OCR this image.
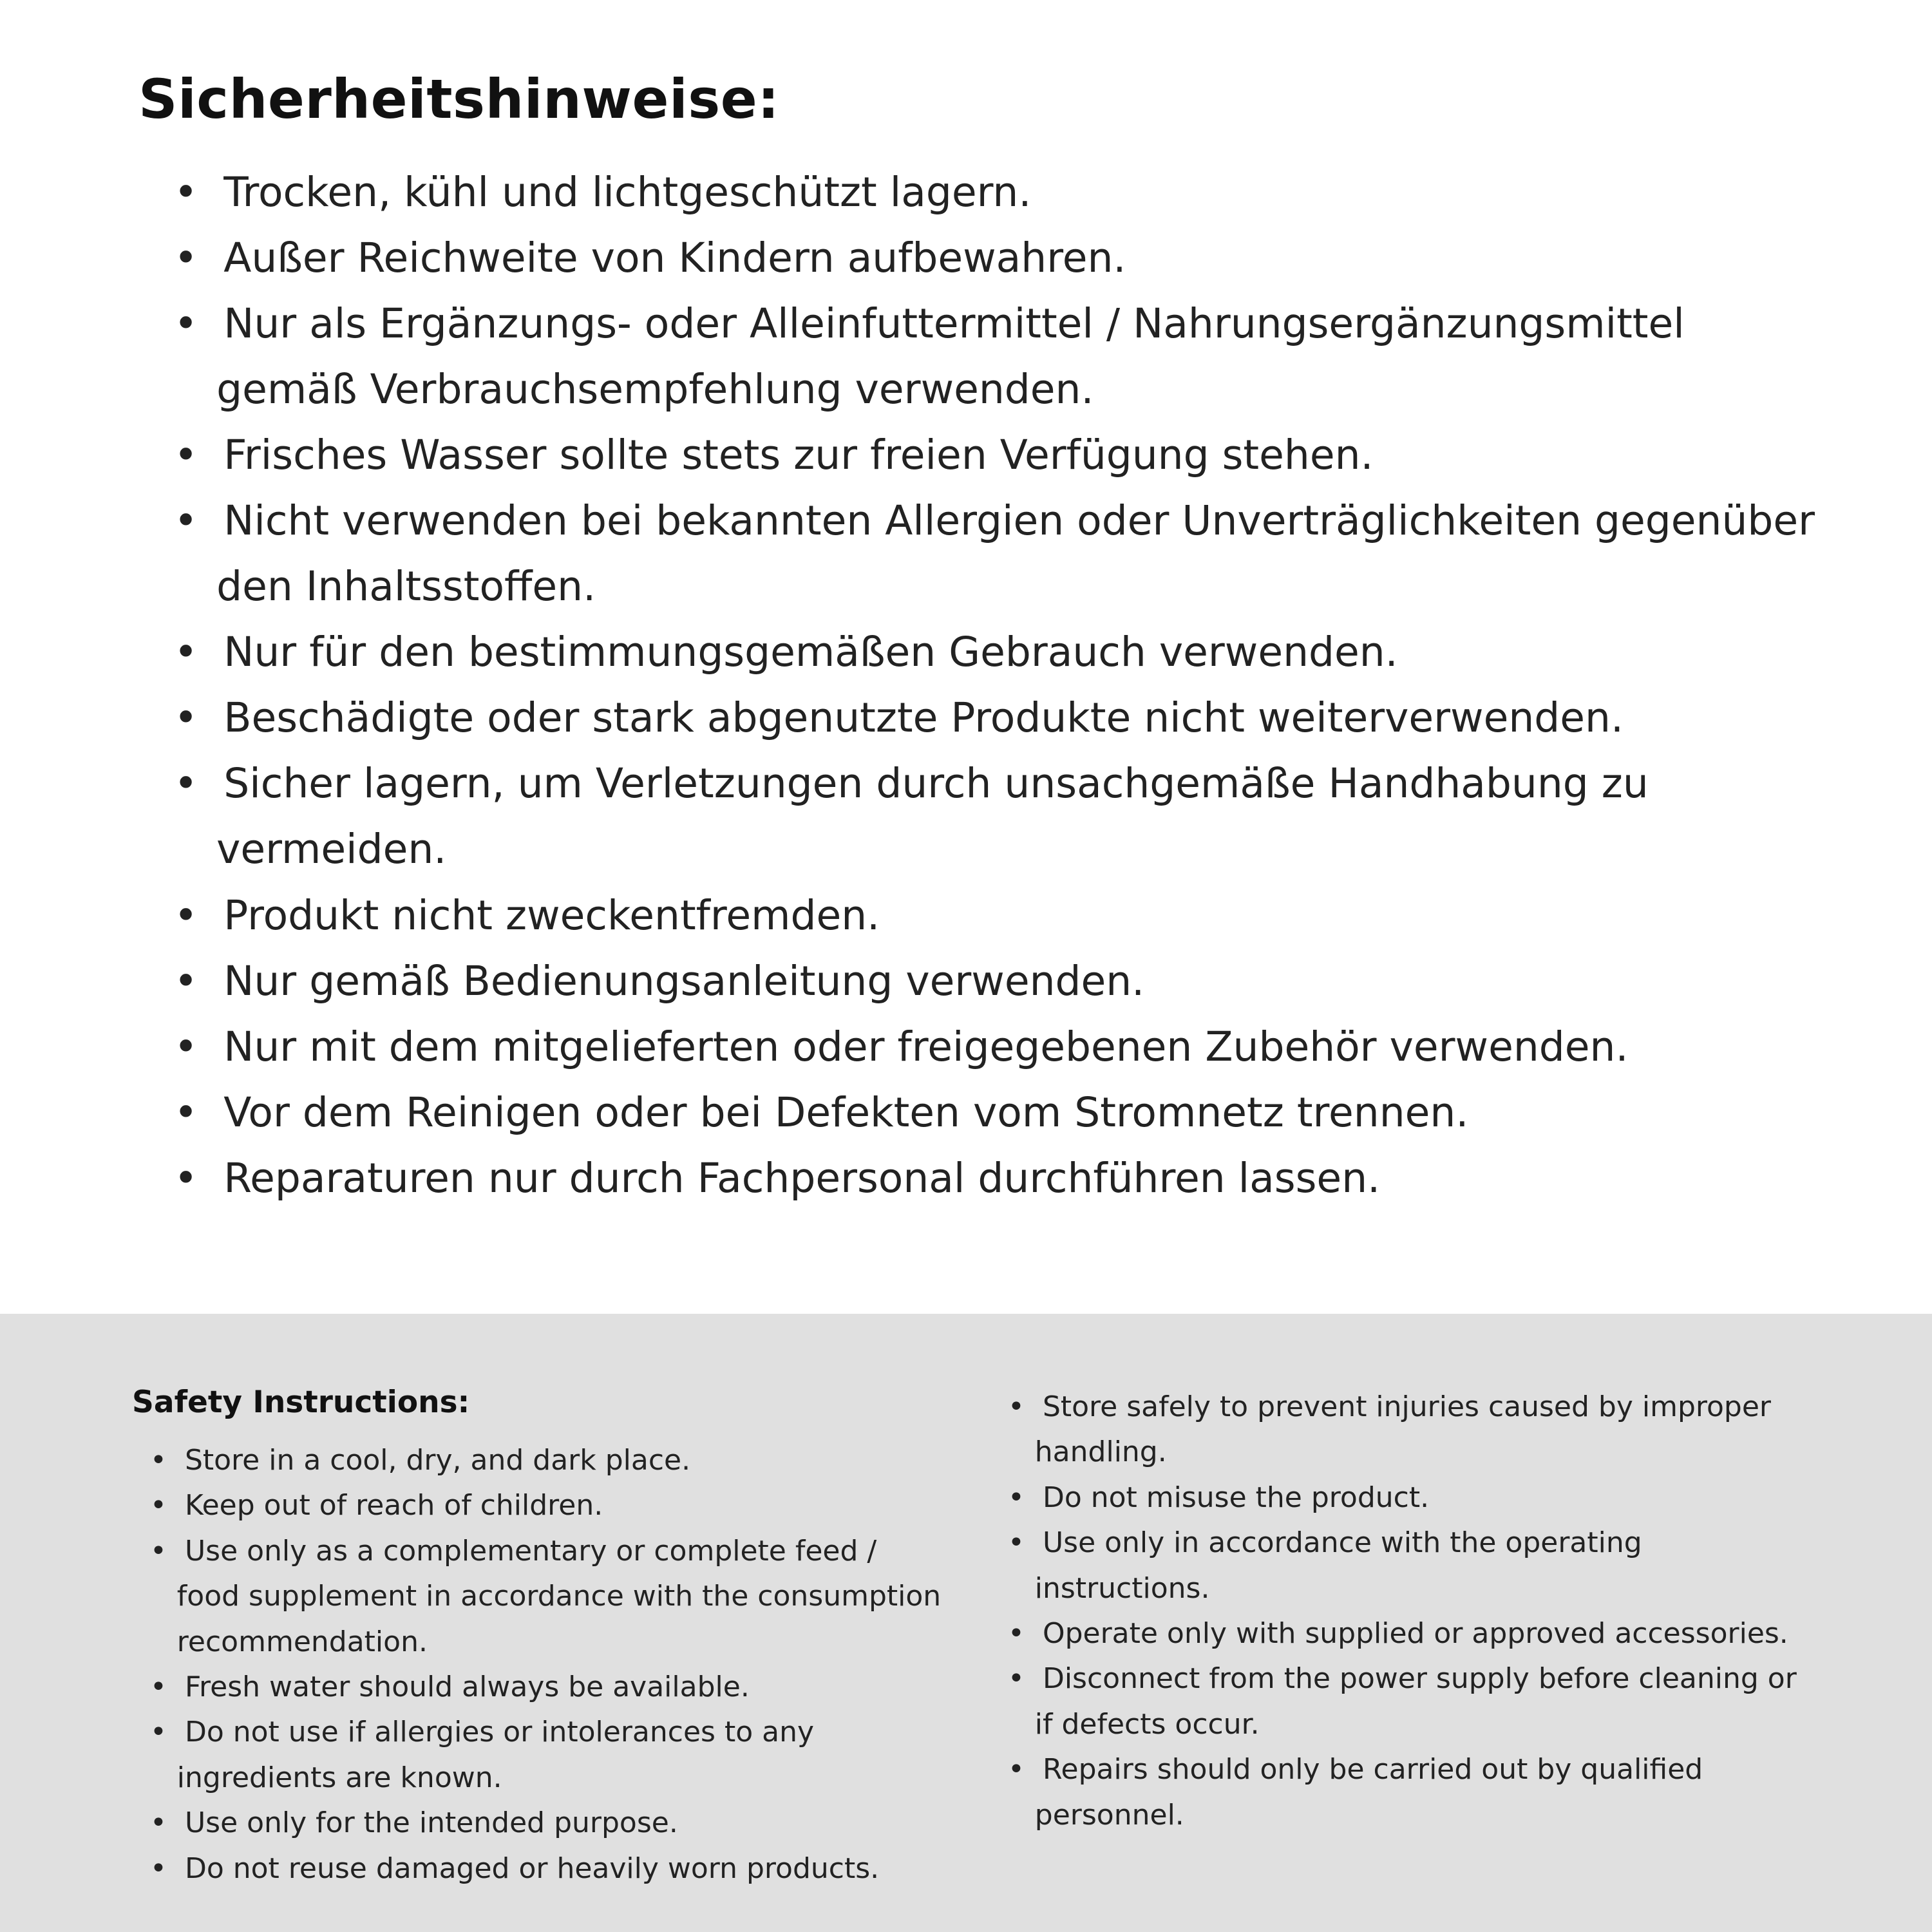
Sicherheitshinweise:
•  Trocken, kühl und lichtgeschützt lagern.
•  Außer Reichweite von Kindern aufbewahren.
•  Nur als Ergänzungs- oder Alleinfuttermittel / Nahrungsergänzungsmittel gemäß Verbrauchsempfehlung verwenden.
•  Frisches Wasser sollte stets zur freien Verfügung stehen.
•  Nicht verwenden bei bekannten Allergien oder Unverträglichkeiten gegenüber den Inhaltsstoffen.
•  Nur für den bestimmungsgemäßen Gebrauch verwenden.
•  Beschädigte oder stark abgenutzte Produkte nicht weiterverwenden.
•  Sicher lagern, um Verletzungen durch unsachgemäße Handhabung zu vermeiden.
•  Produkt nicht zweckentfremden.
•  Nur gemäß Bedienungsanleitung verwenden.
•  Nur mit dem mitgelieferten oder freigegebenen Zubehör verwenden.
•  Vor dem Reinigen oder bei Defekten vom Stromnetz trennen.
•  Reparaturen nur durch Fachpersonal durchführen lassen.
Safety Instructions:
•  Store in a cool, dry, and dark place.
•  Keep out of reach of children.
•  Use only as a complementary or complete feed / food supplement in accordance with the consumption recommendation.
•  Fresh water should always be available.
•  Do not use if allergies or intolerances to any ingredients are known.
•  Use only for the intended purpose.
•  Do not reuse damaged or heavily worn products.
•  Store safely to prevent injuries caused by improper handling.
•  Do not misuse the product.
•  Use only in accordance with the operating instructions.
•  Operate only with supplied or approved accessories.
•  Disconnect from the power supply before cleaning or if defects occur.
•  Repairs should only be carried out by qualified personnel.
